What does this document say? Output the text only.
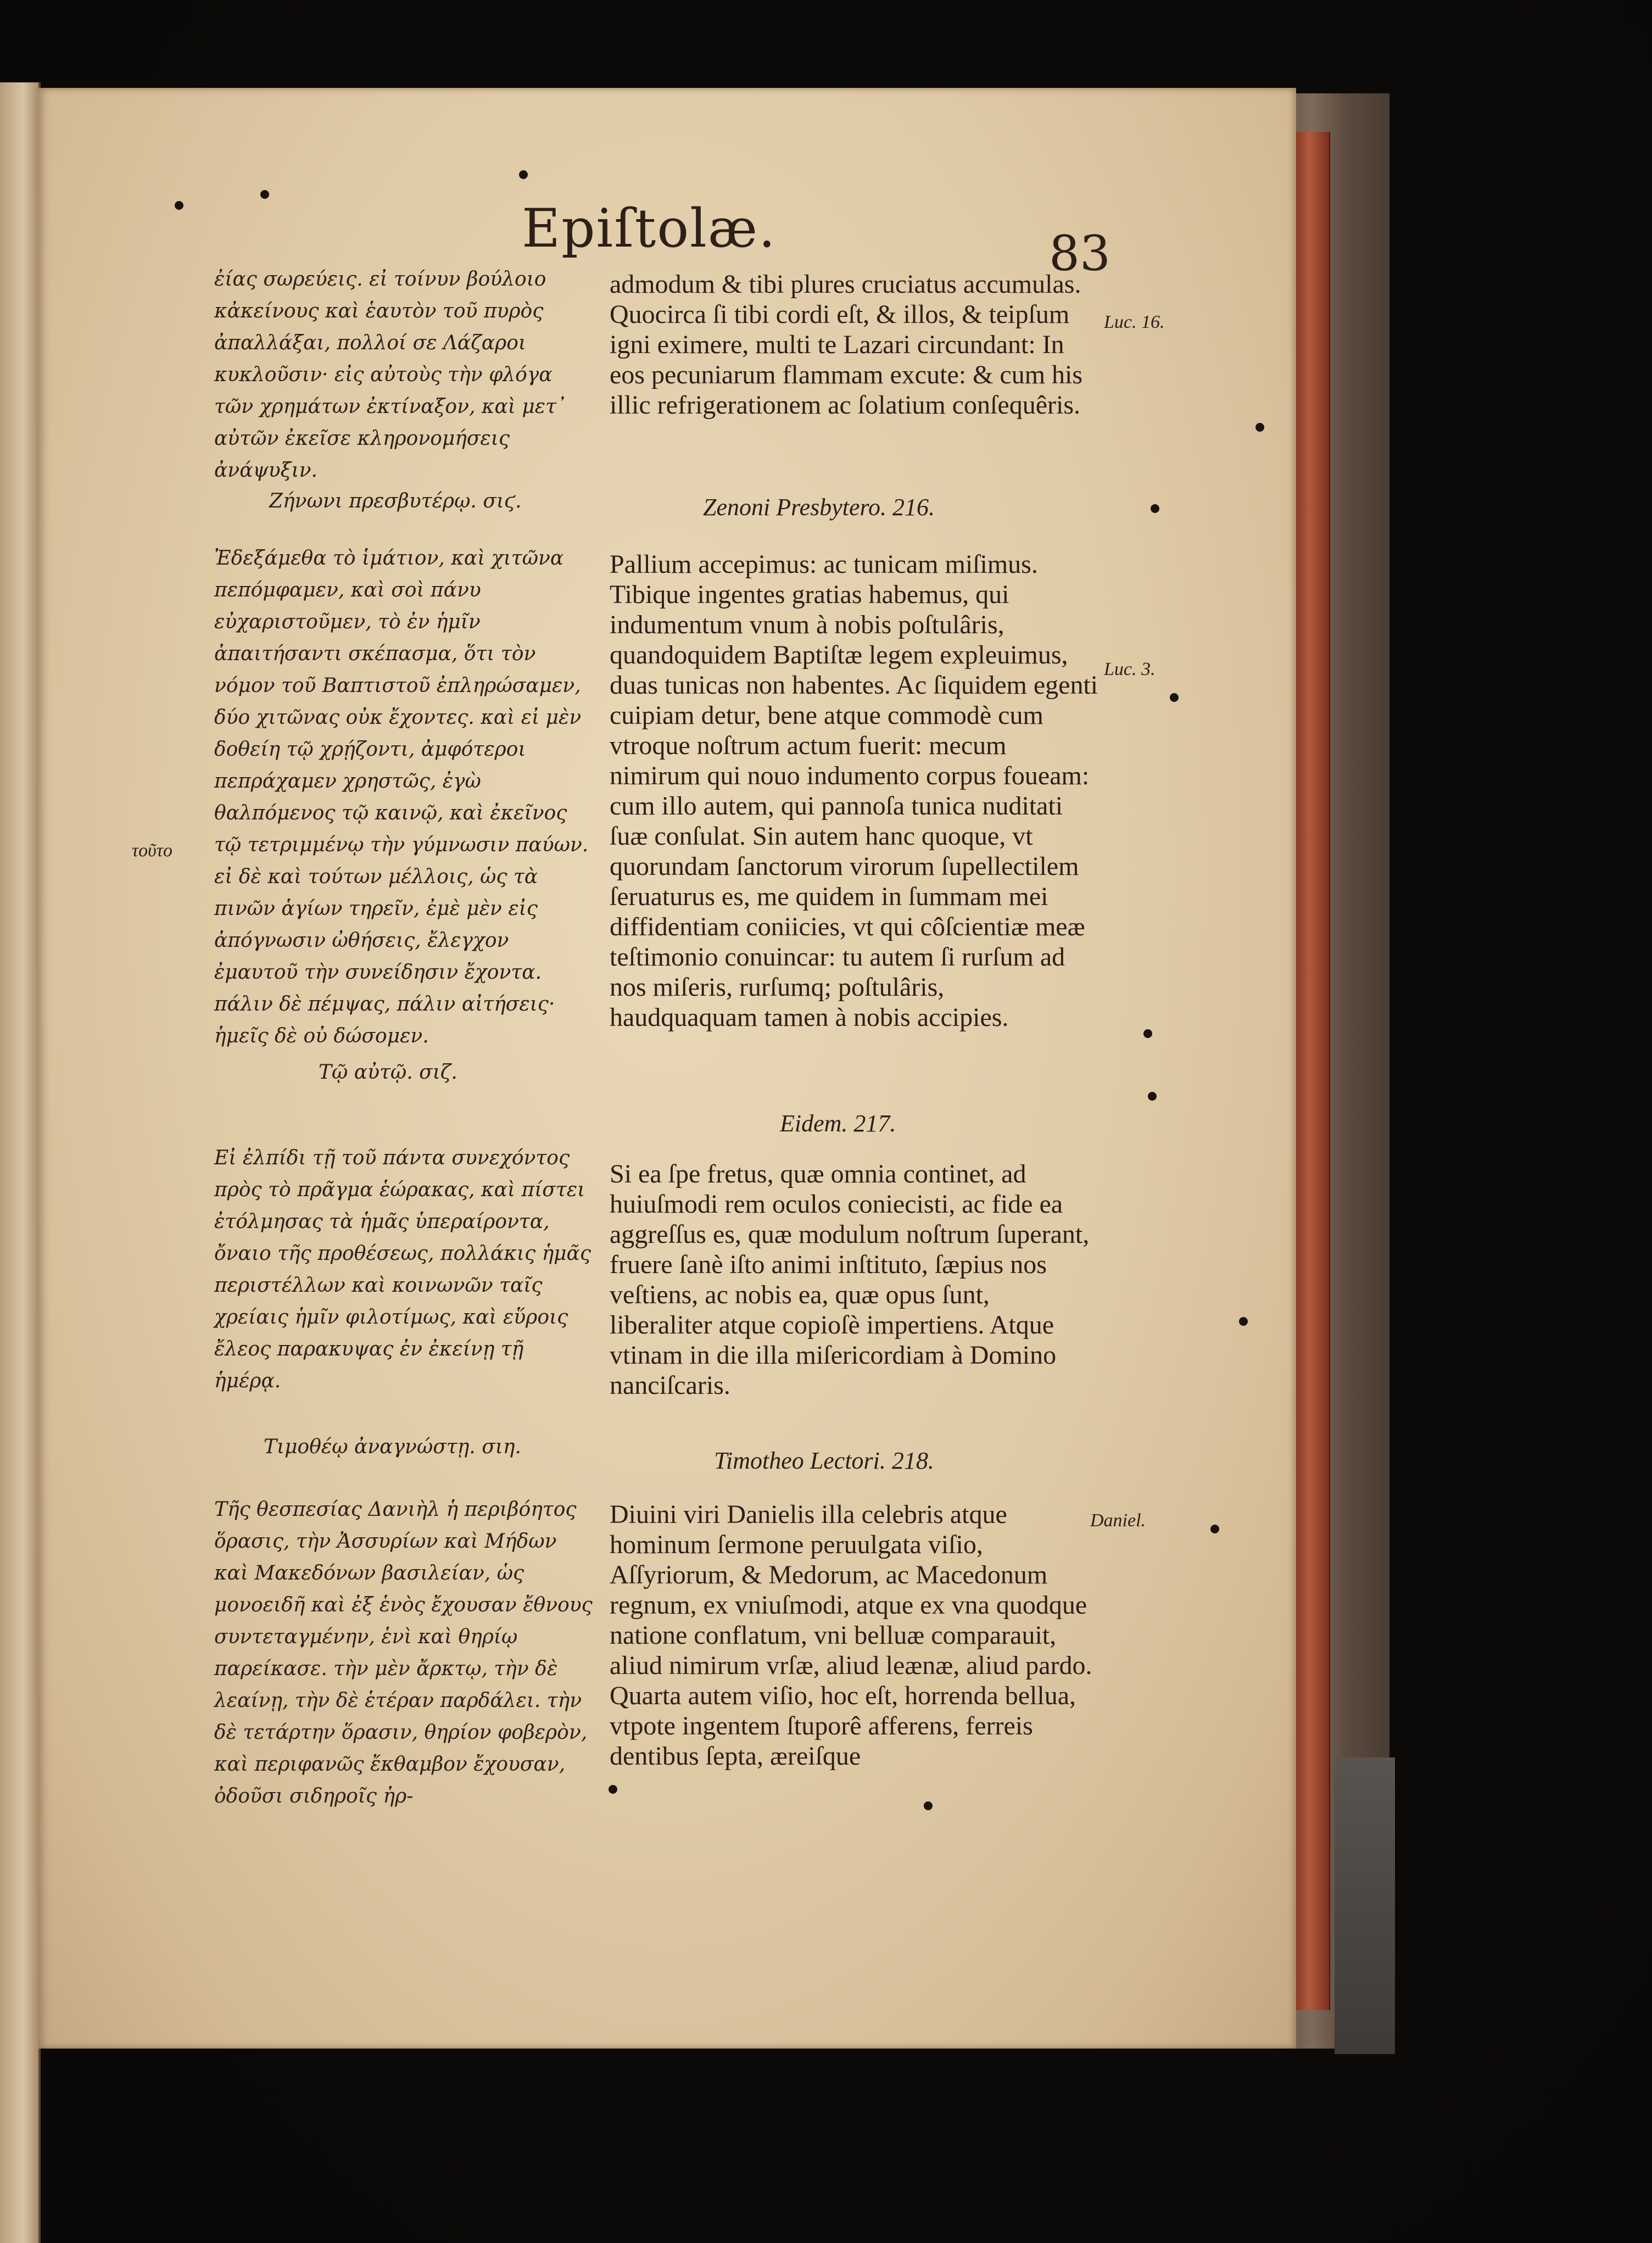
Epiſtolæ.	83

ἐίας σωρεύεις. εἰ τοίνυν βούλοιο κἀκείνους καὶ ἑαυτὸν τοῦ πυρὸς ἀπαλλάξαι, πολλοί σε Λάζαροι κυκλοῦσιν· εἰς αὐτοὺς τὴν φλόγα τῶν χρημάτων ἐκτίναξον, καὶ μετ᾽ αὐτῶν ἐκεῖσε κληρονομήσεις ἀνάψυξιν.

Ζήνωνι πρεσβυτέρῳ. σιϛ.

Ἐδεξάμεθα τὸ ἱμάτιον, καὶ χιτῶνα πεπόμφαμεν, καὶ σοὶ πάνυ εὐχαριστοῦμεν, τὸ ἐν ἡμῖν ἀπαιτήσαντι σκέπασμα, ὅτι τὸν νόμον τοῦ Βαπτιστοῦ ἐπληρώσαμεν, δύο χιτῶνας οὐκ ἔχοντες. καὶ εἰ μὲν δοθείη τῷ χρῄζοντι, ἀμφότεροι πεπράχαμεν χρηστῶς, ἐγὼ θαλπόμενος τῷ καινῷ, καὶ ἐκεῖνος τῷ τετριμμένῳ τὴν γύμνωσιν παύων. εἰ δὲ καὶ τούτων μέλλοις, ὡς τὰ πινῶν ἁγίων τηρεῖν, ἐμὲ μὲν εἰς ἀπόγνωσιν ὠθήσεις, ἔλεγχον ἐμαυτοῦ τὴν συνείδησιν ἔχοντα. πάλιν δὲ πέμψας, πάλιν αἰτήσεις· ἡμεῖς δὲ οὐ δώσομεν.

Τῷ αὐτῷ. σιζ.

Εἰ ἐλπίδι τῇ τοῦ πάντα συνεχόντος πρὸς τὸ πρᾶγμα ἑώρακας, καὶ πίστει ἐτόλμησας τὰ ἡμᾶς ὑπεραίροντα, ὄναιο τῆς προθέσεως, πολλάκις ἡμᾶς περιστέλλων καὶ κοινωνῶν ταῖς χρείαις ἡμῖν φιλοτίμως, καὶ εὕροις ἔλεος παρακυψας ἐν ἐκείνῃ τῇ ἡμέρᾳ.

Τιμοθέῳ ἀναγνώστῃ. σιη.

Τῆς θεσπεσίας Δανιὴλ ἡ περιβόητος ὅρασις, τὴν Ἀσσυρίων καὶ Μήδων καὶ Μακεδόνων βασιλείαν, ὡς μονοειδῆ καὶ ἐξ ἑνὸς ἔχουσαν ἔθνους συντεταγμένην, ἑνὶ καὶ θηρίῳ παρείκασε. τὴν μὲν ἄρκτῳ, τὴν δὲ λεαίνῃ, τὴν δὲ ἑτέραν παρδάλει. τὴν δὲ τετάρτην ὅρασιν, θηρίον φοβερὸν, καὶ περιφανῶς ἔκθαμβον ἔχουσαν, ὀδοῦσι σιδηροῖς ἠρ-

admodum & tibi plures cruciatus accumulas. Quocirca ſi tibi cordi eſt, & illos, & teipſum igni eximere, multi te Lazari circundant: In eos pecuniarum flammam excute: & cum his illic refrigerationem ac ſolatium conſequêris.

Zenoni Presbytero. 216.

Pallium accepimus: ac tunicam miſimus. Tibique ingentes gratias habemus, qui indumentum vnum à nobis poſtulâris, quandoquidem Baptiſtæ legem expleuimus, duas tunicas non habentes. Ac ſiquidem egenti cuipiam detur, bene atque commodè cum vtroque noſtrum actum fuerit: mecum nimirum qui nouo indumento corpus foueam: cum illo autem, qui pannoſa tunica nuditati ſuæ conſulat. Sin autem hanc quoque, vt quorundam ſanctorum virorum ſupellectilem ſeruaturus es, me quidem in ſummam mei diffidentiam coniicies, vt qui côſcientiæ meæ teſtimonio conuincar: tu autem ſi rurſum ad nos miſeris, rurſumq; poſtulâris, haudquaquam tamen à nobis accipies.

Eidem. 217.

Si ea ſpe fretus, quæ omnia continet, ad huiuſmodi rem oculos coniecisti, ac fide ea aggreſſus es, quæ modulum noſtrum ſuperant, fruere ſanè iſto animi inſtituto, ſæpius nos veſtiens, ac nobis ea, quæ opus ſunt, liberaliter atque copioſè impertiens. Atque vtinam in die illa miſericordiam à Domino nanciſcaris.

Timotheo Lectori. 218.

Diuini viri Danielis illa celebris atque hominum ſermone peruulgata viſio, Aſſyriorum, & Medorum, ac Macedonum regnum, ex vniuſmodi, atque ex vna quodque natione conflatum, vni belluæ comparauit, aliud nimirum vrſæ, aliud leænæ, aliud pardo. Quarta autem viſio, hoc eſt, horrenda bellua, vtpote ingentem ſtuporê afferens, ferreis dentibus ſepta, æreiſque

Luc. 16.
Luc. 3.
τοῦτο
Daniel.
